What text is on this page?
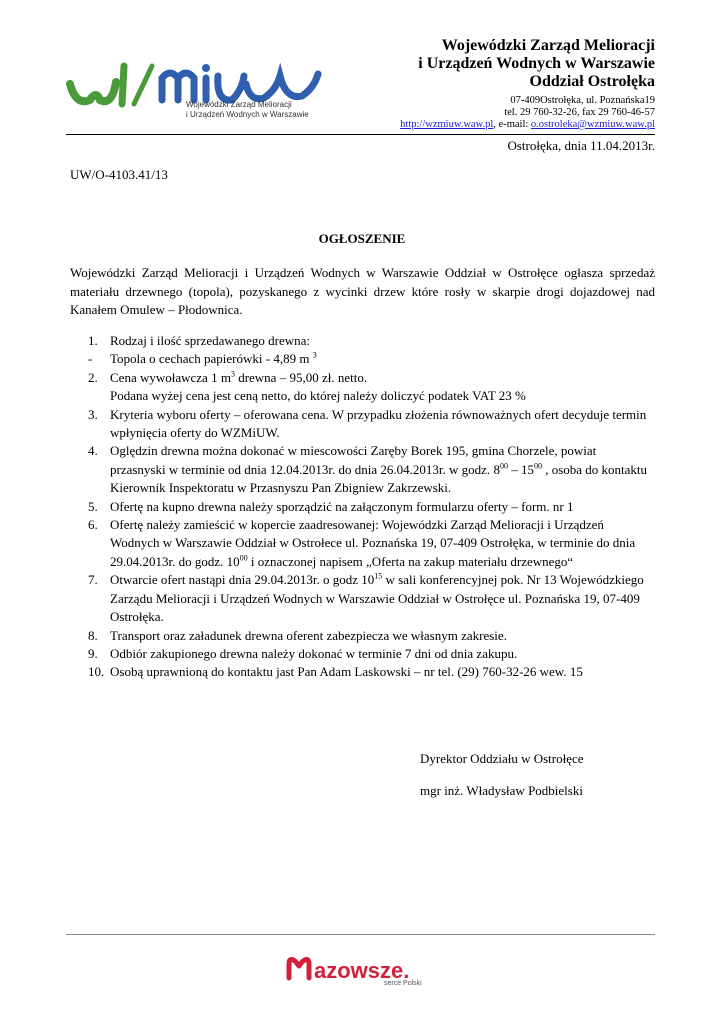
Wojewódzki Zarząd Melioracji
i Urządzeń Wodnych w Warszawie
Wojewódzki Zarząd Melioracji
i Urządzeń Wodnych w Warszawie
Oddział Ostrołęka
07-409Ostrołęka, ul. Poznańska19
tel. 29 760-32-26, fax 29 760-46-57
http://wzmiuw.waw.pl, e-mail: o.ostroleka@wzmiuw.waw.pl
Ostrołęka, dnia 11.04.2013r.
UW/O-4103.41/13
OGŁOSZENIE
Wojewódzki Zarząd Melioracji i Urządzeń Wodnych w Warszawie Oddział w Ostrołęce ogłasza sprzedaż materiału drzewnego (topola), pozyskanego z wycinki drzew które rosły w skarpie drogi dojazdowej nad Kanałem Omulew – Płodownica.
1. Rodzaj i ilość sprzedawanego drewna:
-	Topola o cechach papierówki - 4,89 m $^3$
2. Cena wywoławcza 1 $m^3$ drewna – 95,00 zł. netto.
Podana wyżej cena jest ceną netto, do której należy doliczyć podatek VAT 23 %
3. Kryteria wyboru oferty – oferowana cena. W przypadku złożenia równoważnych ofert decyduje termin wpłynięcia oferty do WZMiUW.
4. Oględzin drewna można dokonać w miescowości Zaręby Borek 195, gmina Chorzele, powiat przasnyski w terminie od dnia 12.04.2013r. do dnia 26.04.2013r. w godz. $8^{00} - 15^{00}$ , osoba do kontaktu Kierownik Inspektoratu w Przasnyszu Pan Zbigniew Zakrzewski.
5. Ofertę na kupno drewna należy sporządzić na załączonym formularzu oferty – form. nr 1
6. Ofertę należy zamieścić w kopercie zaadresowanej: Wojewódzki Zarząd Melioracji i Urządzeń Wodnych w Warszawie Oddział w Ostrołece ul. Poznańska 19, 07-409 Ostrołęka, w terminie do dnia 29.04.2013r. do godz. $10^{00}$ i oznaczonej napisem „Oferta na zakup materiału drzewnego“
7. Otwarcie ofert nastąpi dnia 29.04.2013r. o godz $10^{15}$ w sali konferencyjnej pok. Nr 13 Wojewódzkiego Zarządu Melioracji i Urządzeń Wodnych w Warszawie Oddział w Ostrołęce ul. Poznańska 19, 07-409 Ostrołęka.
8. Transport oraz załadunek drewna oferent zabezpiecza we własnym zakresie.
9. Odbiór zakupionego drewna należy dokonać w terminie 7 dni od dnia zakupu.
10. Osobą uprawnioną do kontaktu jast Pan Adam Laskowski – nr tel. (29) 760-32-26 wew. 15
Dyrektor Oddziału w Ostrołęce
mgr inż. Władysław Podbielski
azowsze.
serce Polski
